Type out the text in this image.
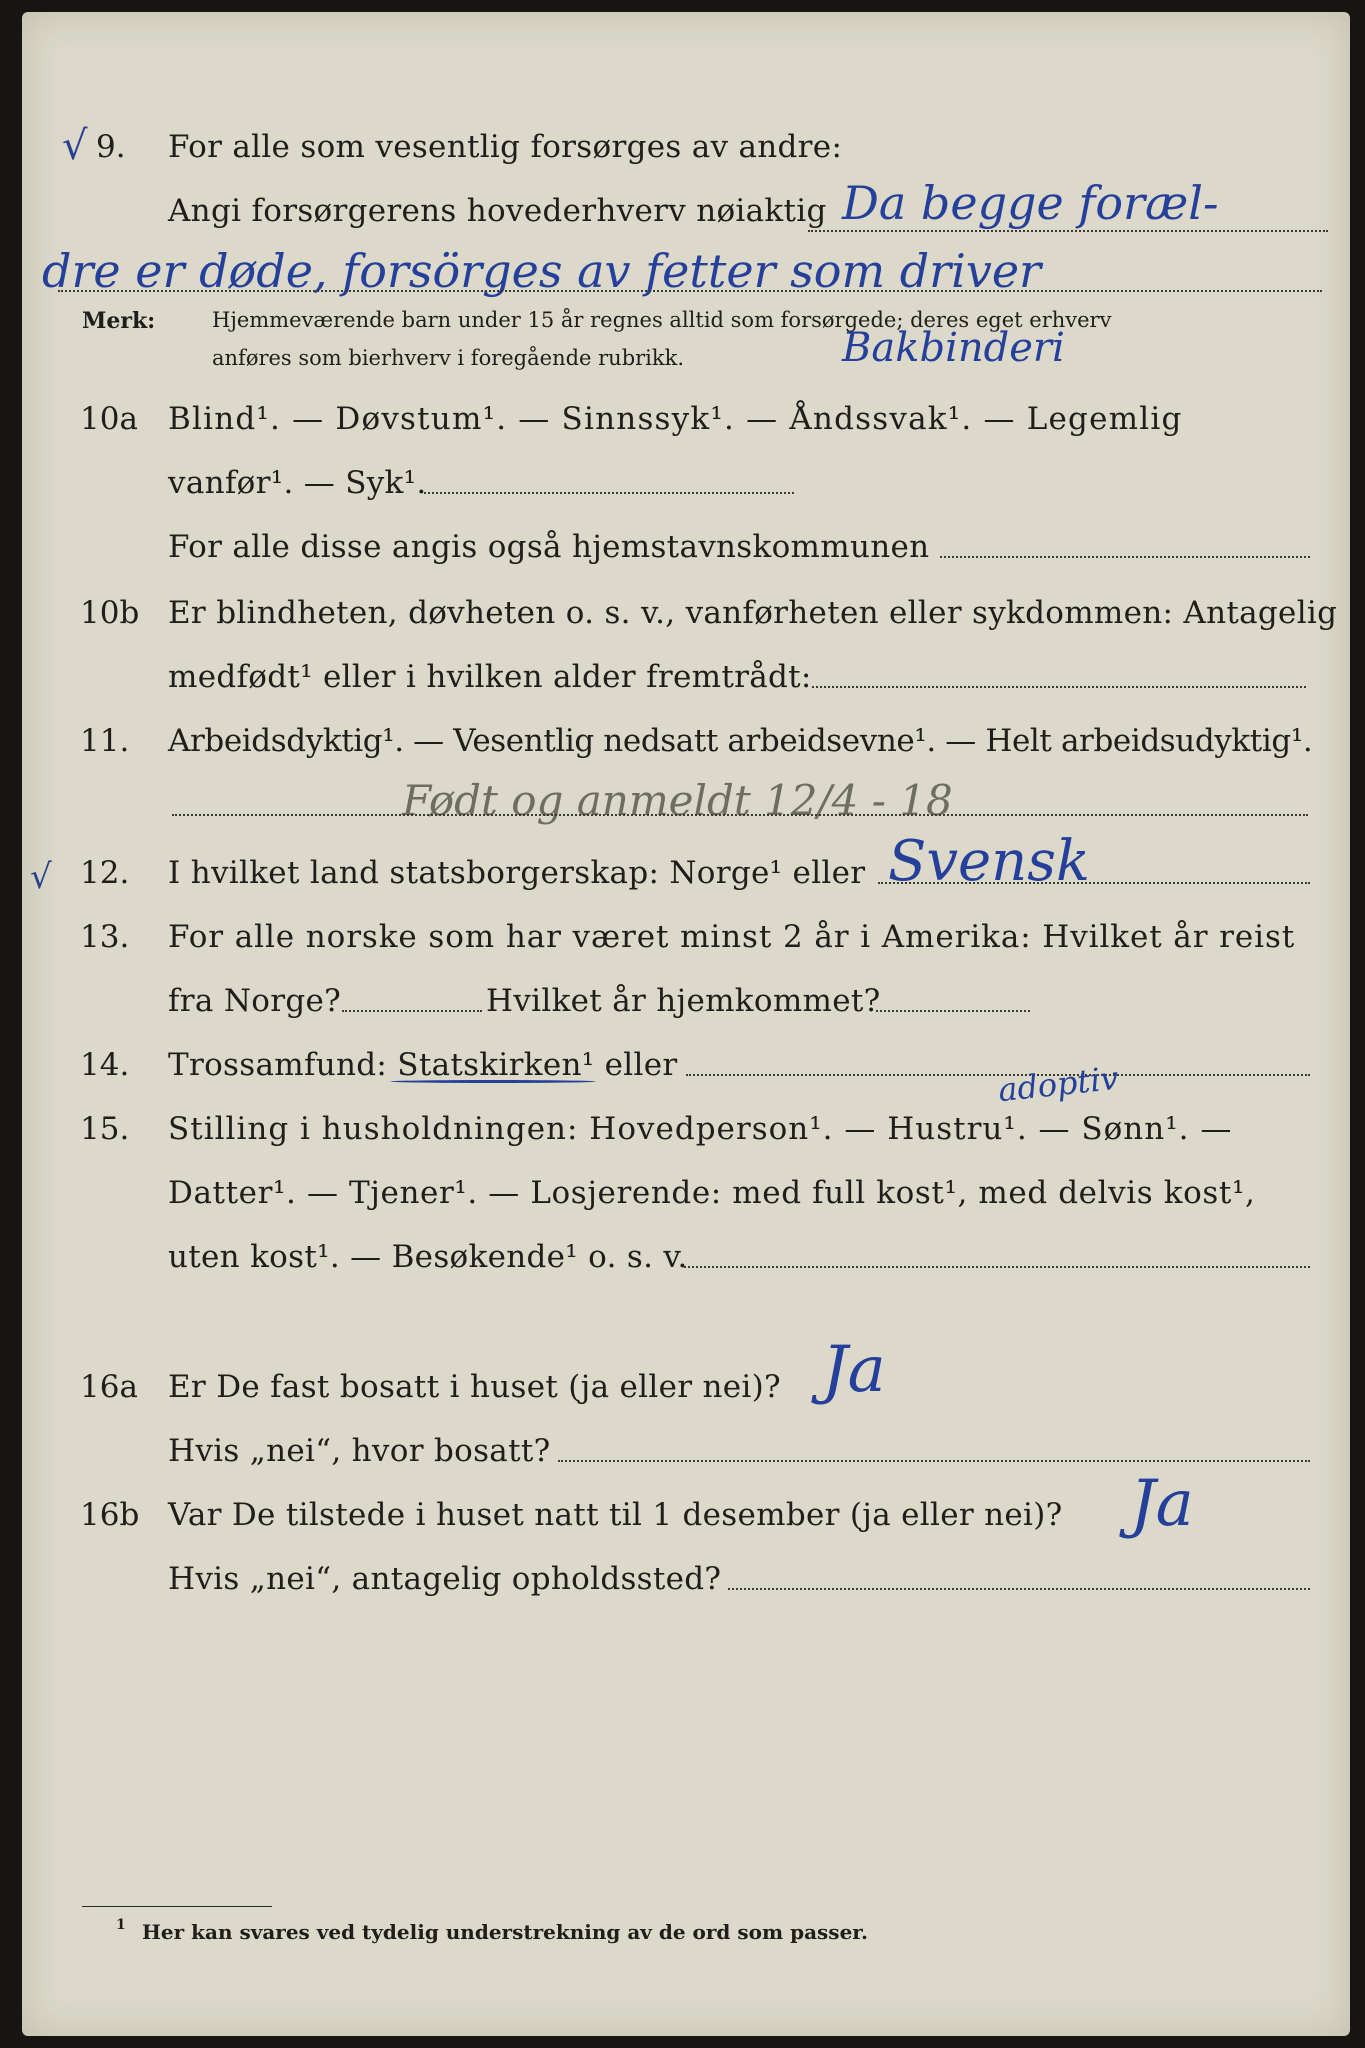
√ 9. For alle som vesentlig forsørges av andre:
Angi forsørgerens hovederhverv nøiaktig Da begge foræl-
dre er døde, forsörges av fetter som driver
Merk:	Hjemmeværende barn under 15 år regnes alltid som forsørgede; deres eget erhverv
anføres som bierhverv i foregående rubrikk.	Bakbinderi
10a Blind¹. — Døvstum¹. — Sinnssyk¹. — Åndssvak¹. — Legemlig
vanfør¹. — Syk¹.
For alle disse angis også hjemstavnskommunen
10b Er blindheten, døvheten o. s. v., vanførheten eller sykdommen: Antagelig
medfødt¹ eller i hvilken alder fremtrådt:
11. Arbeidsdyktig¹. — Vesentlig nedsatt arbeidsevne¹. — Helt arbeidsudyktig¹.
Født og anmeldt 12/4 - 18
√ 12. I hvilket land statsborgerskap: Norge¹ eller Svensk
13. For alle norske som har været minst 2 år i Amerika: Hvilket år reist
fra Norge?	Hvilket år hjemkommet?
14. Trossamfund: Statskirken¹ eller
15. Stilling i husholdningen: Hovedperson¹. — Hustru¹. — Sønn¹. —
adoptiv
Datter¹. — Tjener¹. — Losjerende: med full kost¹, med delvis kost¹,
uten kost¹. — Besøkende¹ o. s. v.
16a Er De fast bosatt i huset (ja eller nei)? Ja
Hvis „nei“, hvor bosatt?
16b Var De tilstede i huset natt til 1 desember (ja eller nei)? Ja
Hvis „nei“, antagelig opholdssted?
1 Her kan svares ved tydelig understrekning av de ord som passer.
